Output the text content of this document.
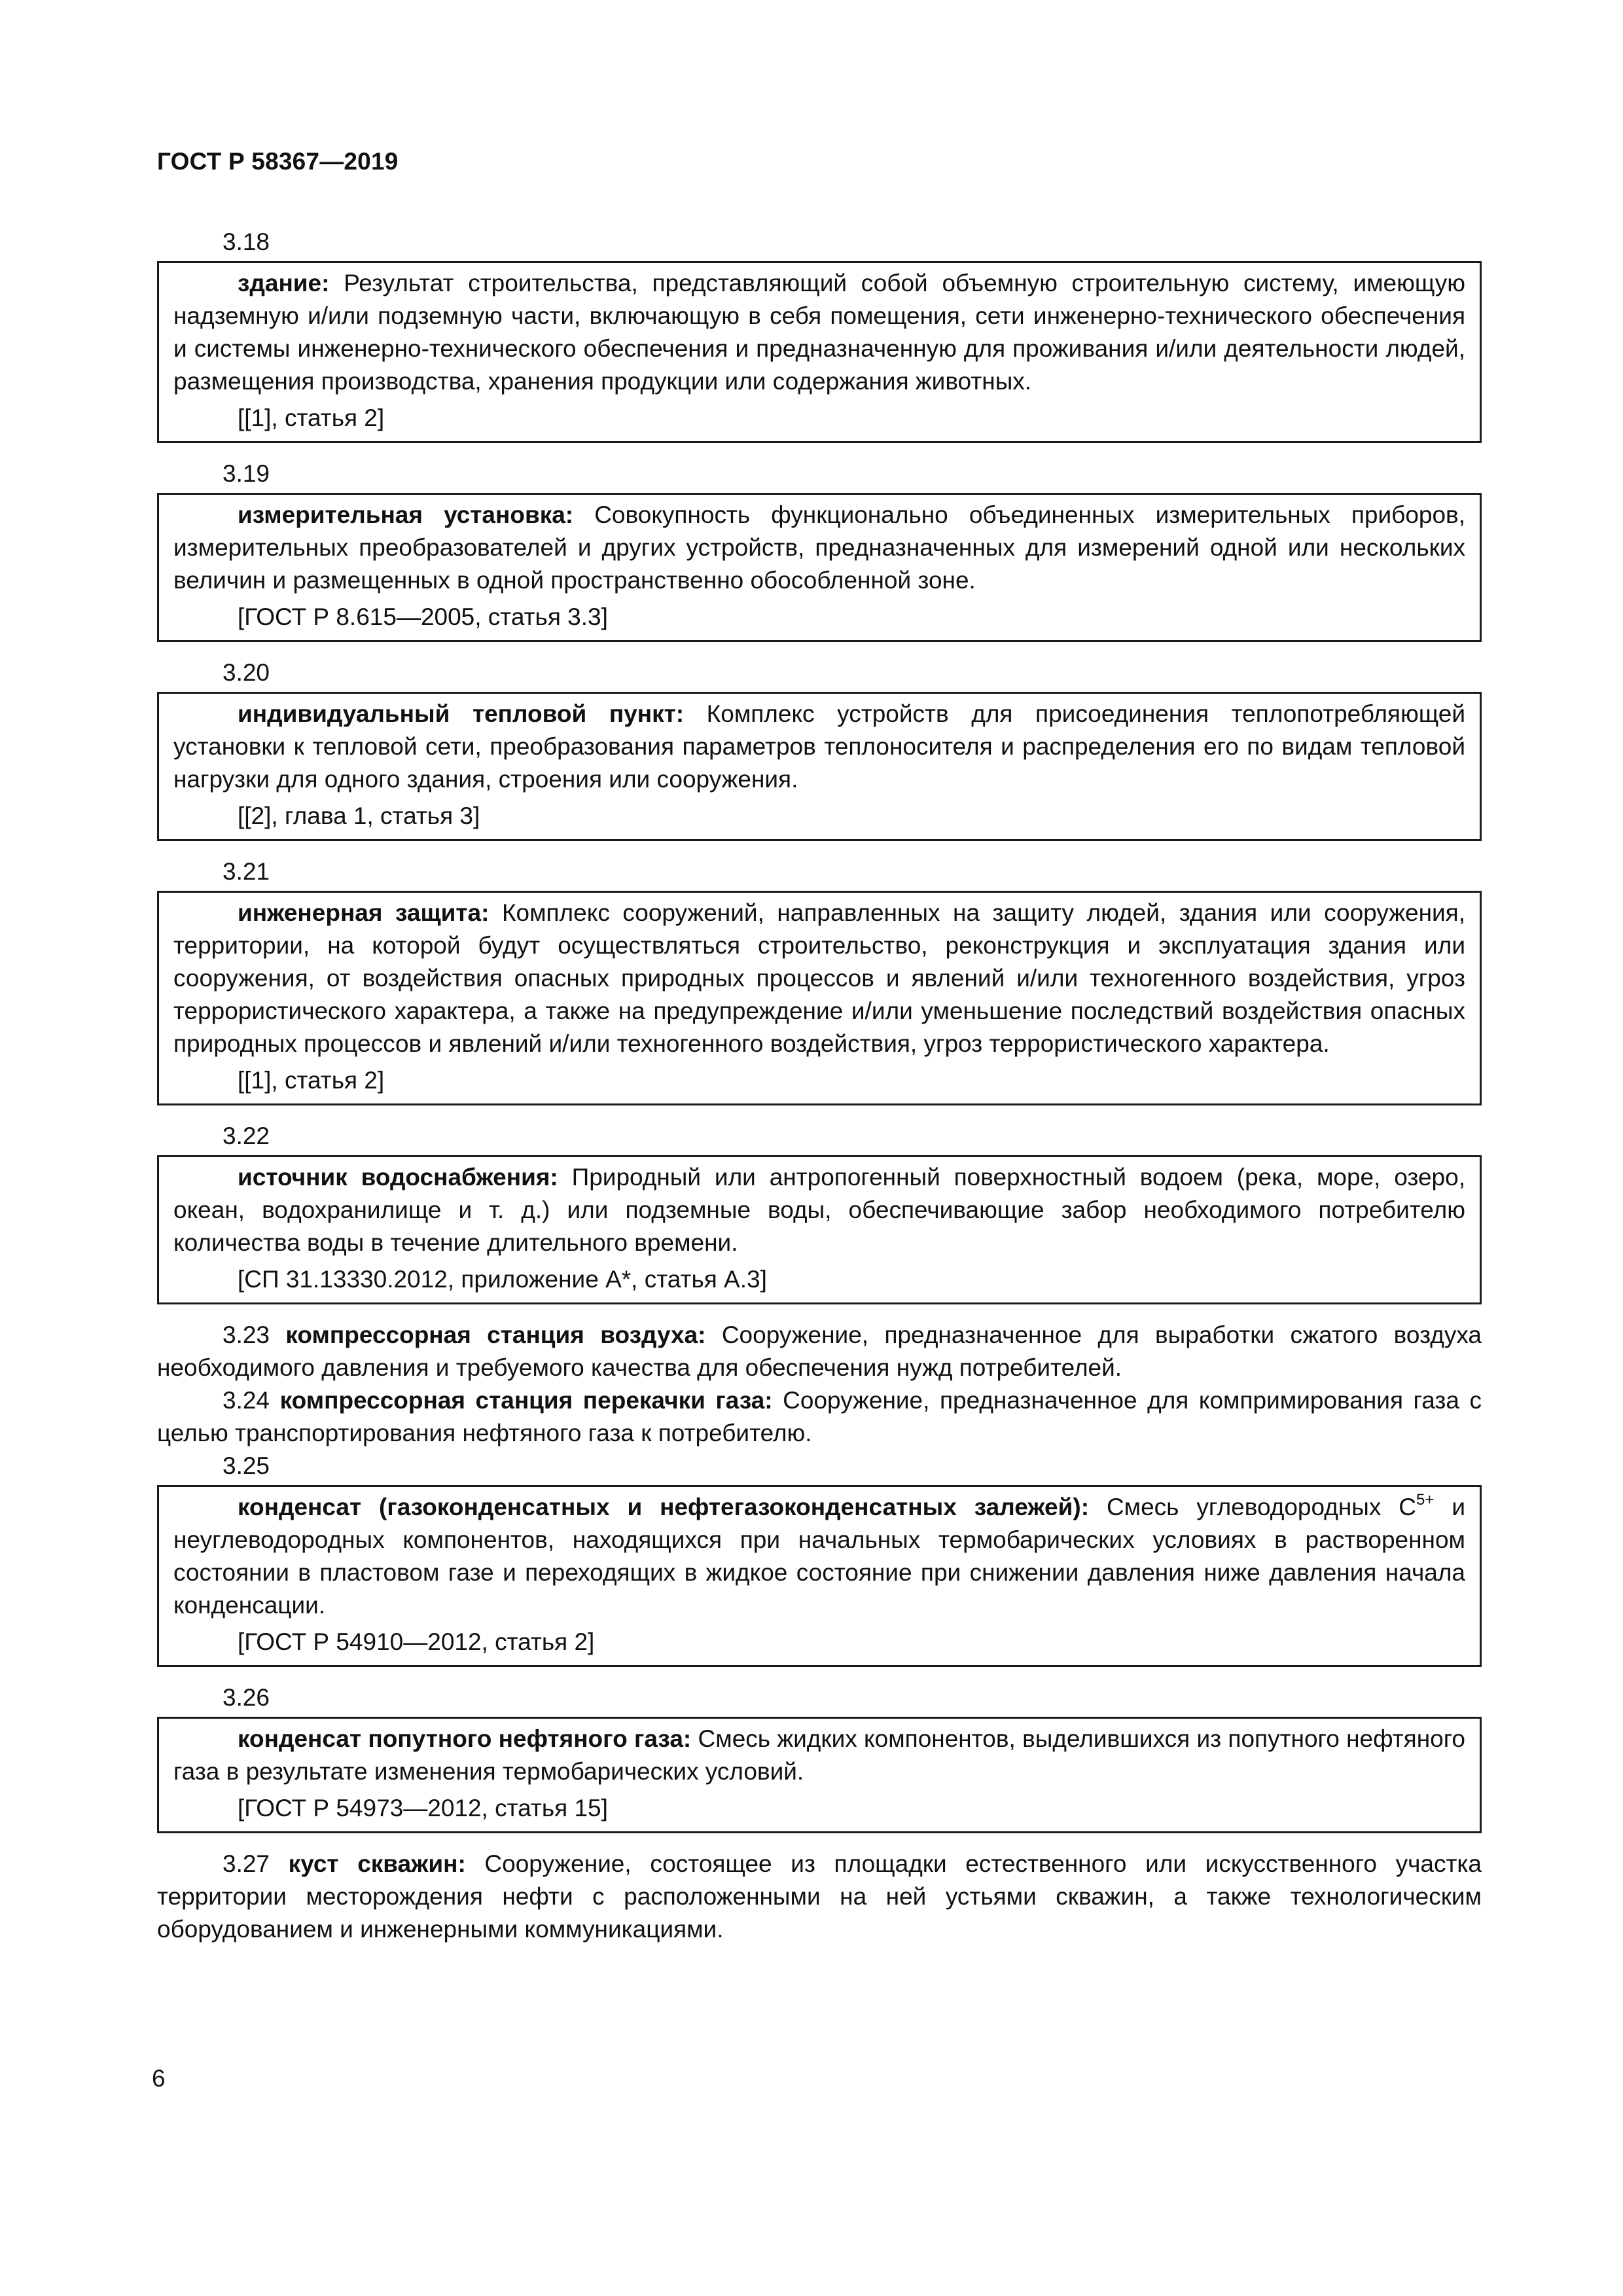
ГОСТ Р 58367—2019

3.18

здание: Результат строительства, представляющий собой объемную строительную систему, имеющую надземную и/или подземную части, включающую в себя помещения, сети инженерно-технического обеспечения и системы инженерно-технического обеспечения и предназначенную для проживания и/или деятельности людей, размещения производства, хранения продукции или содержания животных.

[[1], статья 2]

3.19

измерительная установка: Совокупность функционально объединенных измерительных приборов, измерительных преобразователей и других устройств, предназначенных для измерений одной или нескольких величин и размещенных в одной пространственно обособленной зоне.

[ГОСТ Р 8.615—2005, статья 3.3]

3.20

индивидуальный тепловой пункт: Комплекс устройств для присоединения теплопотребляющей установки к тепловой сети, преобразования параметров теплоносителя и распределения его по видам тепловой нагрузки для одного здания, строения или сооружения.

[[2], глава 1, статья 3]

3.21

инженерная защита: Комплекс сооружений, направленных на защиту людей, здания или сооружения, территории, на которой будут осуществляться строительство, реконструкция и эксплуатация здания или сооружения, от воздействия опасных природных процессов и явлений и/или техногенного воздействия, угроз террористического характера, а также на предупреждение и/или уменьшение последствий воздействия опасных природных процессов и явлений и/или техногенного воздействия, угроз террористического характера.

[[1], статья 2]

3.22

источник водоснабжения: Природный или антропогенный поверхностный водоем (река, море, озеро, океан, водохранилище и т. д.) или подземные воды, обеспечивающие забор необходимого потребителю количества воды в течение длительного времени.

[СП 31.13330.2012, приложение А*, статья А.3]

3.23 компрессорная станция воздуха: Сооружение, предназначенное для выработки сжатого воздуха необходимого давления и требуемого качества для обеспечения нужд потребителей.

3.24 компрессорная станция перекачки газа: Сооружение, предназначенное для компримирования газа с целью транспортирования нефтяного газа к потребителю.

3.25

конденсат (газоконденсатных и нефтегазоконденсатных залежей): Смесь углеводородных $С^{5+}$ и неуглеводородных компонентов, находящихся при начальных термобарических условиях в растворенном состоянии в пластовом газе и переходящих в жидкое состояние при снижении давления ниже давления начала конденсации.

[ГОСТ Р 54910—2012, статья 2]

3.26

конденсат попутного нефтяного газа: Смесь жидких компонентов, выделившихся из попутного нефтяного газа в результате изменения термобарических условий.

[ГОСТ Р 54973—2012, статья 15]

3.27 куст скважин: Сооружение, состоящее из площадки естественного или искусственного участка территории месторождения нефти с расположенными на ней устьями скважин, а также технологическим оборудованием и инженерными коммуникациями.

6
